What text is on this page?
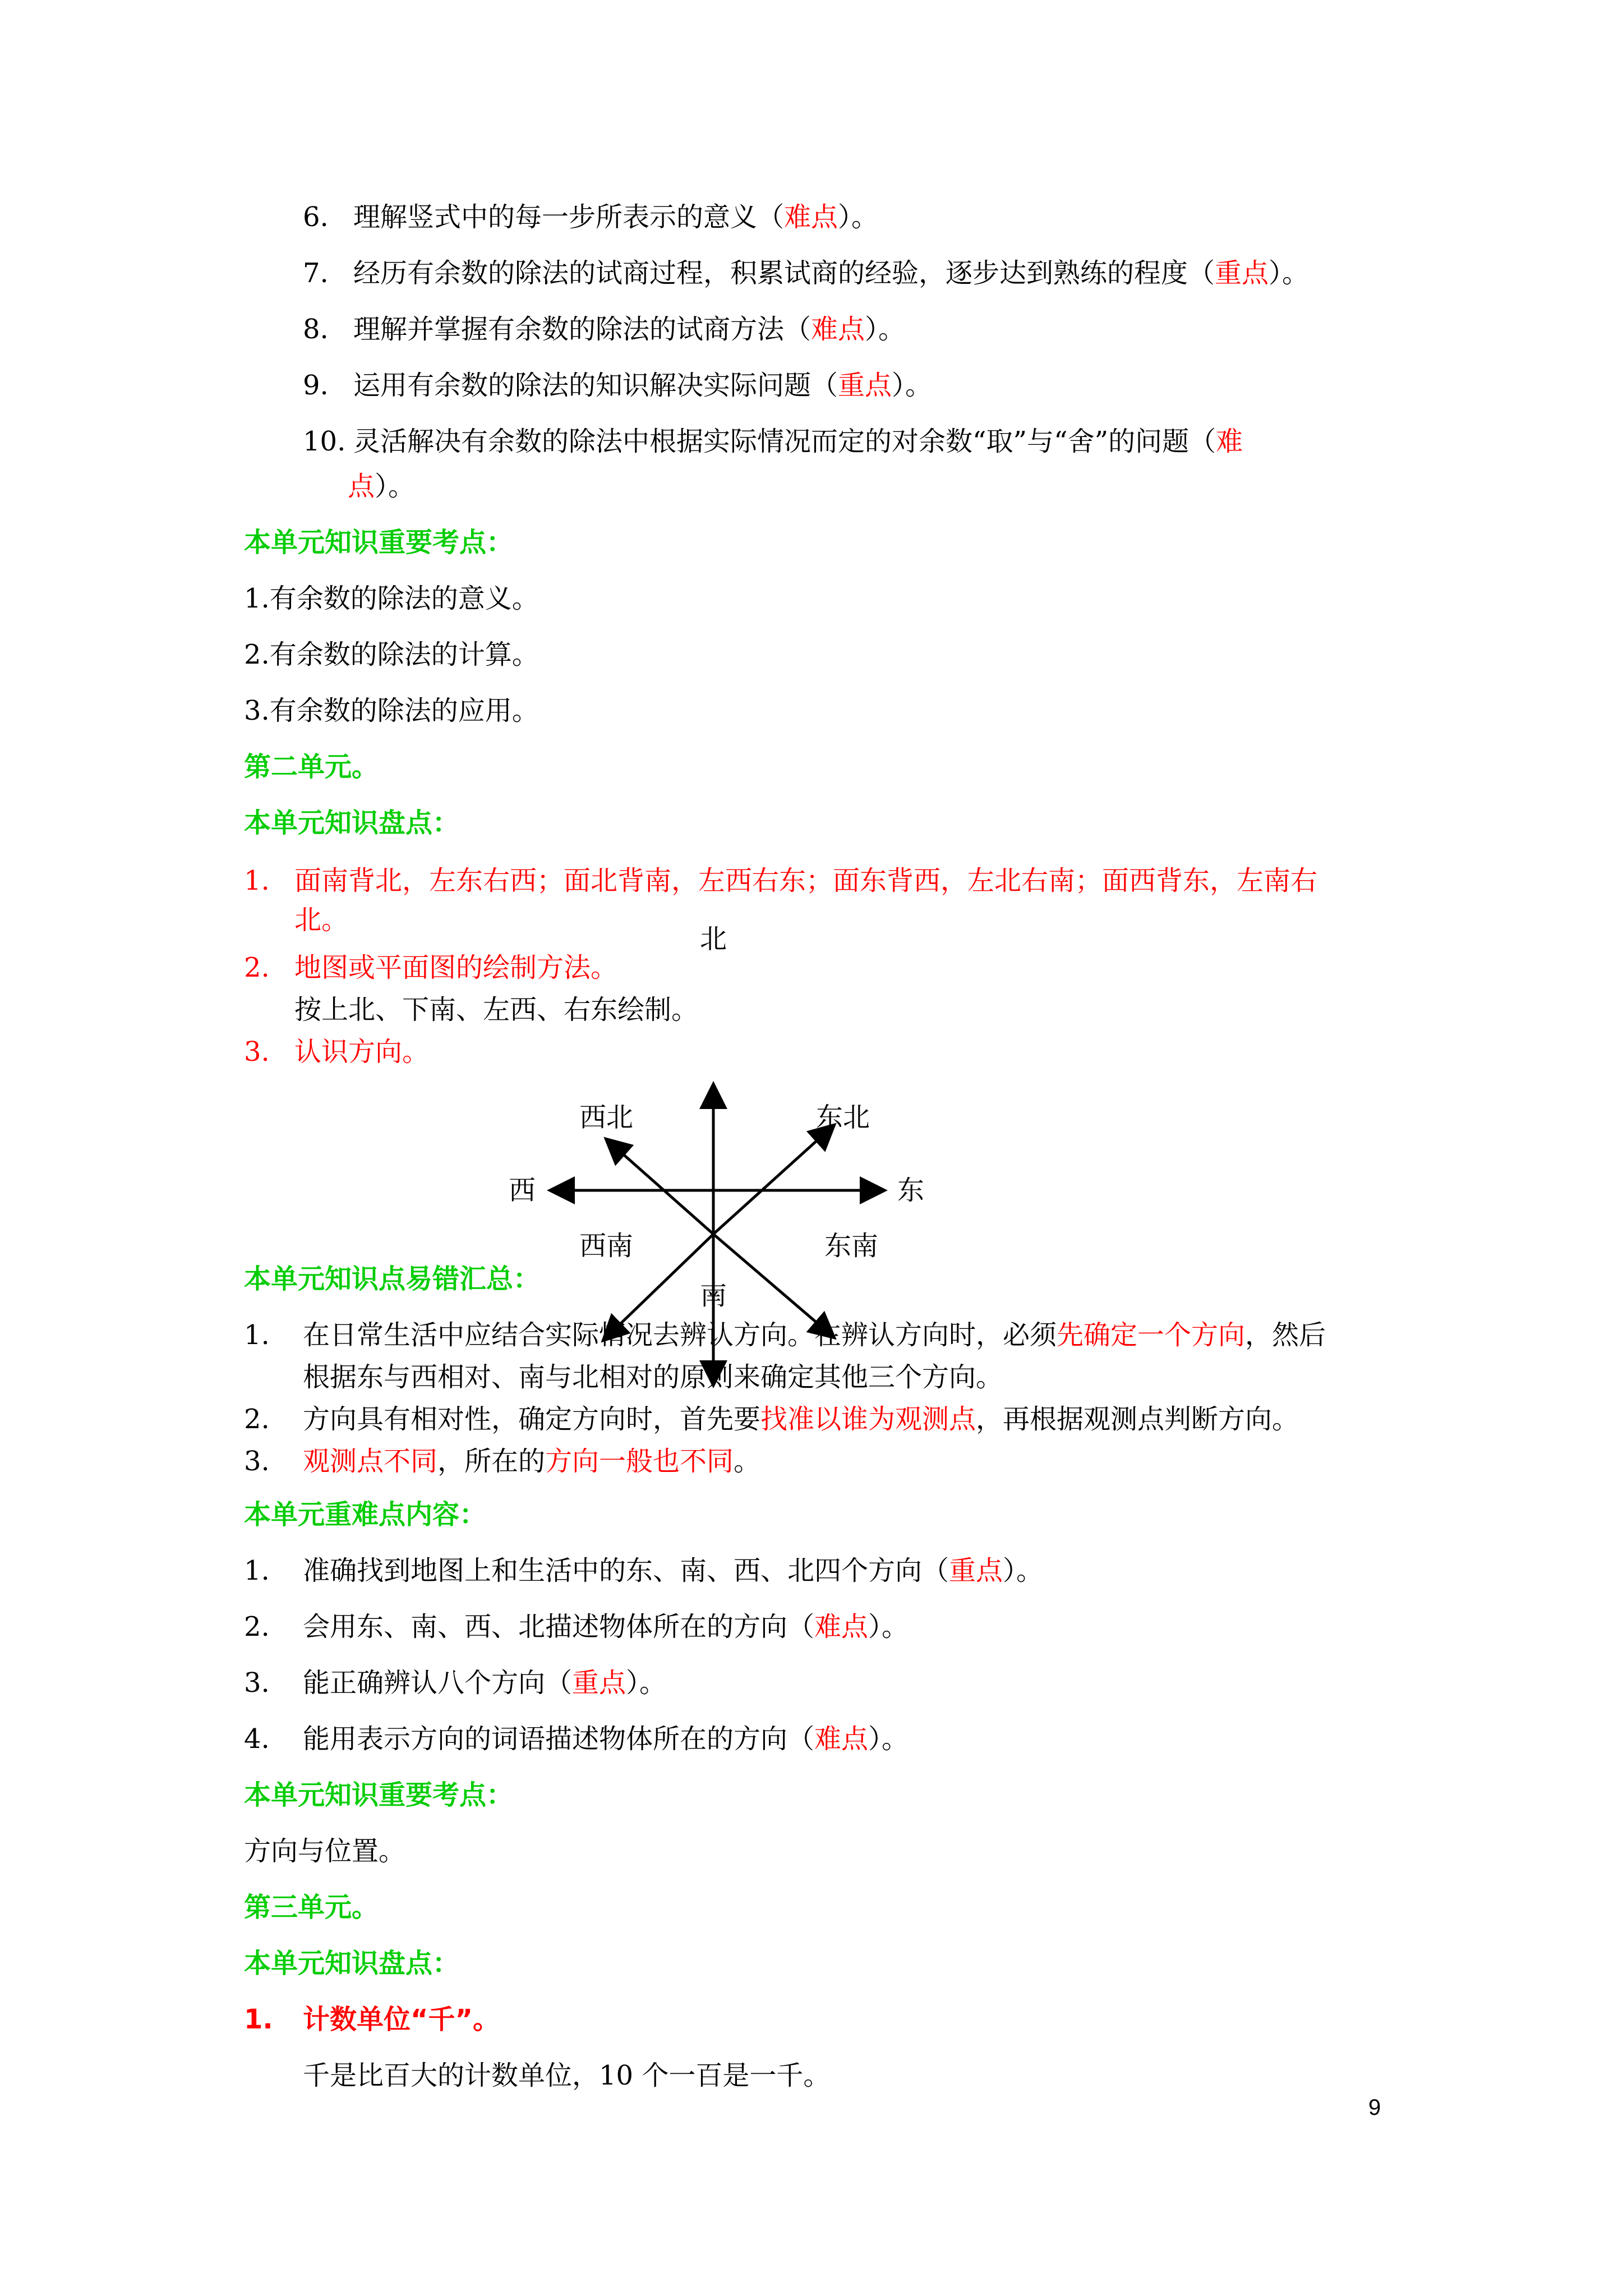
6. 理解竖式中的每一步所表示的意义（难点）。
7. 经历有余数的除法的试商过程，积累试商的经验，逐步达到熟练的程度（重点）。
8. 理解并掌握有余数的除法的试商方法（难点）。
9. 运用有余数的除法的知识解决实际问题（重点）。
10. 灵活解决有余数的除法中根据实际情况而定的对余数“取”与“舍”的问题（难
点）。
本单元知识重要考点：
1.有余数的除法的意义。
2.有余数的除法的计算。
3.有余数的除法的应用。
第二单元。
本单元知识盘点：
1. 面南背北，左东右西；面北背南，左西右东；面东背西，左北右南；面西背东，左南右
北。
2. 地图或平面图的绘制方法。
按上北、下南、左西、右东绘制。
3. 认识方向。
北
西北	东北
西	东
西南	东南
南
本单元知识点易错汇总：
1. 在日常生活中应结合实际情况去辨认方向。在辨认方向时，必须先确定一个方向，然后
根据东与西相对、南与北相对的原则来确定其他三个方向。
2. 方向具有相对性，确定方向时，首先要找准以谁为观测点，再根据观测点判断方向。
3. 观测点不同，所在的方向一般也不同。
本单元重难点内容：
1. 准确找到地图上和生活中的东、南、西、北四个方向（重点）。
2. 会用东、南、西、北描述物体所在的方向（难点）。
3. 能正确辨认八个方向（重点）。
4. 能用表示方向的词语描述物体所在的方向（难点）。
本单元知识重要考点：
方向与位置。
第三单元。
本单元知识盘点：
1. 计数单位“千”。
千是比百大的计数单位，10 个一百是一千。
9
